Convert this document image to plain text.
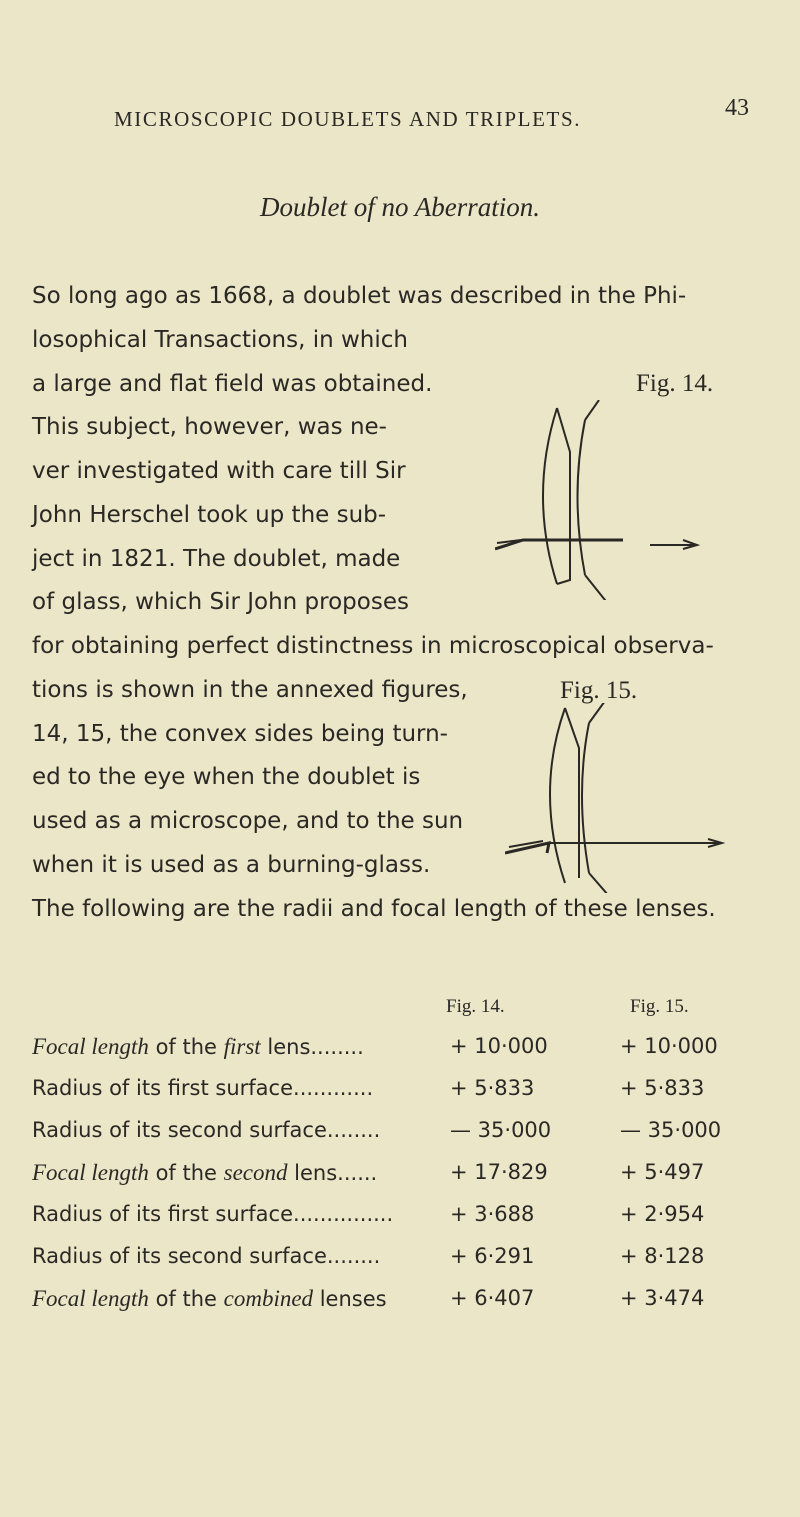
MICROSCOPIC DOUBLETS AND TRIPLETS.	43
Doublet of no Aberration.
So long ago as 1668, a doublet was described in the Phi-
losophical Transactions, in which
a large and flat field was obtained.
This subject, however, was ne-
ver investigated with care till Sir
John Herschel took up the sub-
ject in 1821. The doublet, made
of glass, which Sir John proposes
for obtaining perfect distinctness in microscopical observa-
tions is shown in the annexed figures,
14, 15, the convex sides being turn-
ed to the eye when the doublet is
used as a microscope, and to the sun
when it is used as a burning-glass.
The following are the radii and focal length of these lenses.
Fig. 14.
Fig. 15.
Fig. 14.	Fig. 15.
Focal length of the first lens........	+ 10·000	+ 10·000
Radius of its first surface............	+ 5·833	+ 5·833
Radius of its second surface........	— 35·000	— 35·000
Focal length of the second lens......	+ 17·829	+ 5·497
Radius of its first surface...............	+ 3·688	+ 2·954
Radius of its second surface........	+ 6·291	+ 8·128
Focal length of the combined lenses	+ 6·407	+ 3·474
